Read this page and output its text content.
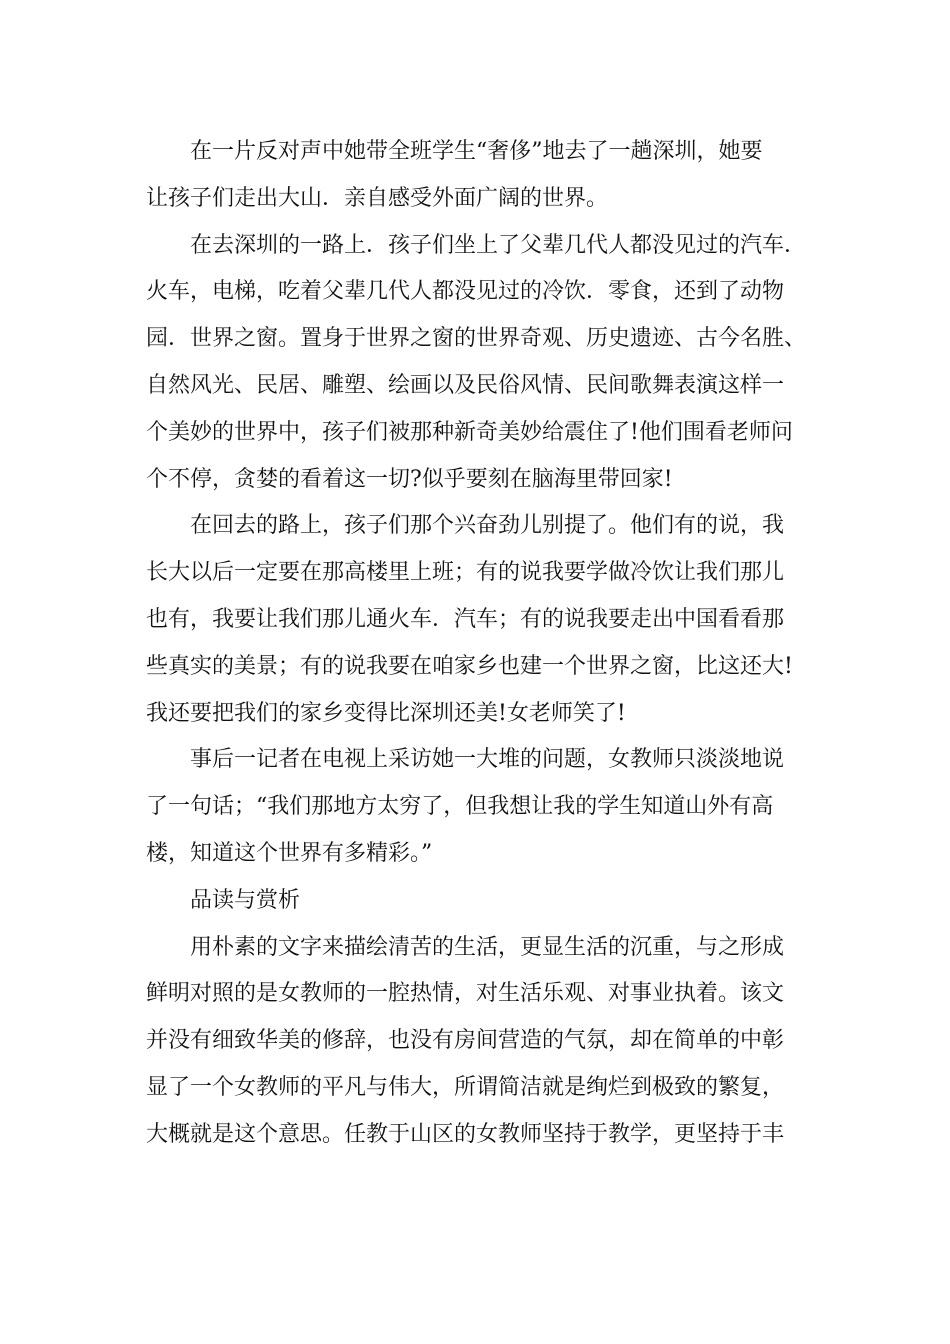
在一片反对声中她带全班学生“奢侈”地去了一趟深圳，她要
让孩子们走出大山．亲自感受外面广阔的世界。
在去深圳的一路上．孩子们坐上了父辈几代人都没见过的汽车．
火车，电梯，吃着父辈几代人都没见过的冷饮．零食，还到了动物
园．世界之窗。置身于世界之窗的世界奇观、历史遗迹、古今名胜、
自然风光、民居、雕塑、绘画以及民俗风情、民间歌舞表演这样一
个美妙的世界中，孩子们被那种新奇美妙给震住了!他们围看老师问
个不停，贪婪的看着这一切?似乎要刻在脑海里带回家!
在回去的路上，孩子们那个兴奋劲儿别提了。他们有的说，我
长大以后一定要在那高楼里上班；有的说我要学做冷饮让我们那儿
也有，我要让我们那儿通火车．汽车；有的说我要走出中国看看那
些真实的美景；有的说我要在咱家乡也建一个世界之窗，比这还大!
我还要把我们的家乡变得比深圳还美!女老师笑了!
事后一记者在电视上采访她一大堆的问题，女教师只淡淡地说
了一句话；“我们那地方太穷了，但我想让我的学生知道山外有高
楼，知道这个世界有多精彩。”
品读与赏析
用朴素的文字来描绘清苦的生活，更显生活的沉重，与之形成
鲜明对照的是女教师的一腔热情，对生活乐观、对事业执着。该文
并没有细致华美的修辞，也没有房间营造的气氛，却在简单的中彰
显了一个女教师的平凡与伟大，所谓简洁就是绚烂到极致的繁复，
大概就是这个意思。任教于山区的女教师坚持于教学，更坚持于丰
